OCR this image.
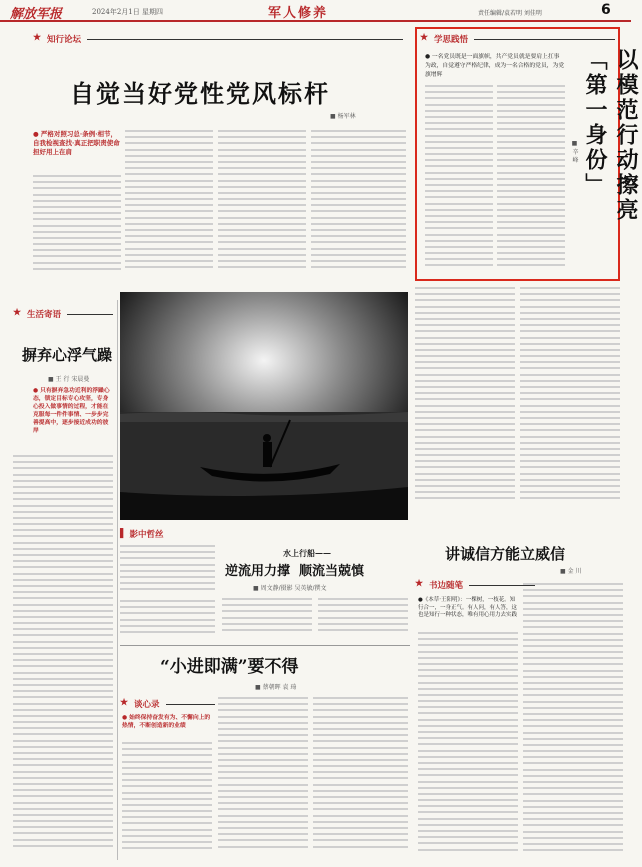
解放军报	2024年2月1日 星期四	军人修养	责任编辑/袁若明 刘佳明	6
★
知行论坛
自觉当好党性党风标杆
■ 杨军林
● 严格对照习总·条例·相节，自我检视查找·真正把职责使命担好用上在肩
★
学思践悟
● 一名党员既是一面旗帜，共产党员就是要肩上扛事为政，自觉遵守严格纪律，成为一名合格的党员，为党旗增辉	以模范行动擦亮「第一身份」
■ 辛 峰
★
生活寄语
摒弃心浮气躁
■ 王 行 宋晨曼
● 只有摒弃急功近利的浮躁心态，锁定目标专心攻坚，专身心投入做事情的过程，才能在克服每一件件事情、一步步完善提高中，逐步接近成功的彼岸
▌ 影中哲丝
水上行船——
逆流用力撑  顺流当兢慎
■ 周文静/摄影 吴英敏/撰文
讲诚信方能立威信
■ 金 川
★
书边随笔
●《本草·王阳明》：一棵树，一枝花。知行合一，一身正气。有人问，有人答，这也是知行一种状态，唯有用心用力去实践
“小进即满”要不得
■ 蔡朝晖 袁 琦
★
谈心录
● 始终保持奋发有为、不懈向上的热情，不断创造新的业绩
